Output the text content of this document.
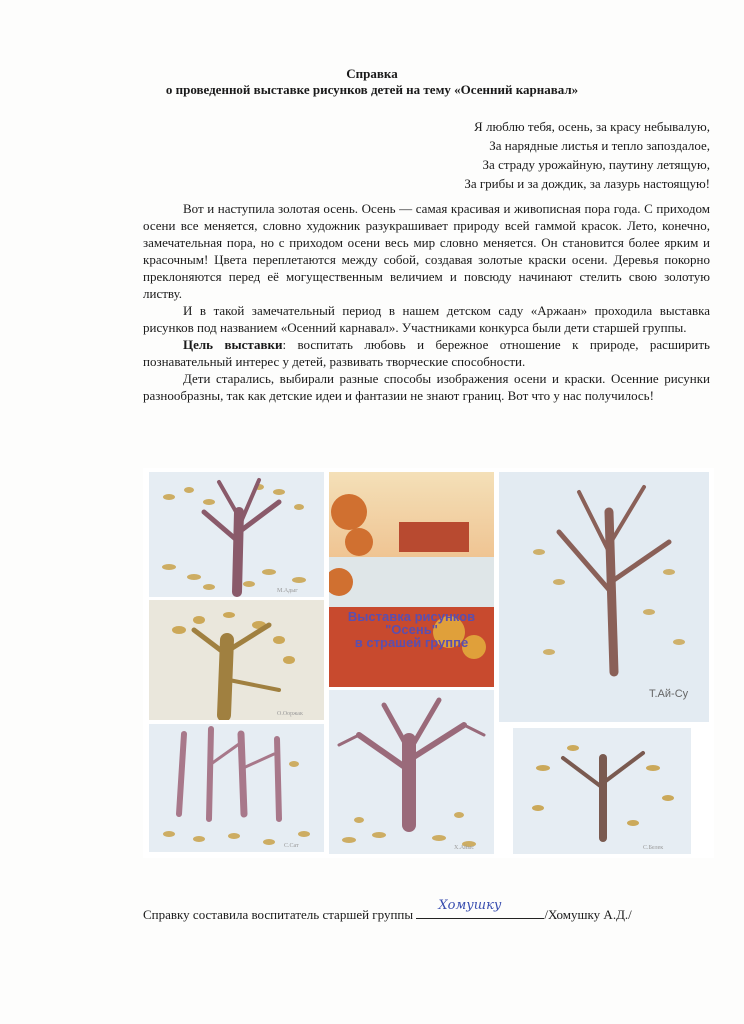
Справка
о проведенной выставке рисунков детей на тему «Осенний карнавал»
Я люблю тебя, осень, за красу небывалую,
За нарядные листья и тепло запоздалое,
За страду урожайную, паутину летящую,
За грибы и за дождик, за лазурь настоящую!

Вот и наступила золотая осень. Осень — самая красивая и живописная пора года. С приходом осени все меняется, словно художник разукрашивает природу всей гаммой красок. Лето, конечно, замечательная пора, но с приходом осени весь мир словно меняется. Он становится более ярким и красочным! Цвета переплетаются между собой, создавая золотые краски осени. Деревья покорно преклоняются перед её могущественным величием и повсюду начинают стелить свою золотую листву.

И в такой замечательный период в нашем детском саду «Аржаан» проходила выставка рисунков под названием «Осенний карнавал». Участниками конкурса были дети старшей группы.

Цель выставки: воспитать любовь и бережное отношение к природе, расширить познавательный интерес у детей, развивать творческие способности.

Дети старались, выбирали разные способы изображения осени и краски. Осенние рисунки разнообразны, так как детские идеи и фантазии не знают границ. Вот что у нас получилось!

М.Адыг
О.Ооржак
С.Сат
Выставка рисунков
"Осень"
в страшей группе
Х.Айыс
Т.Ай-Су
С.Белек
Справку составила воспитатель старшей группы
Хомушку
/Хомушку А.Д./
